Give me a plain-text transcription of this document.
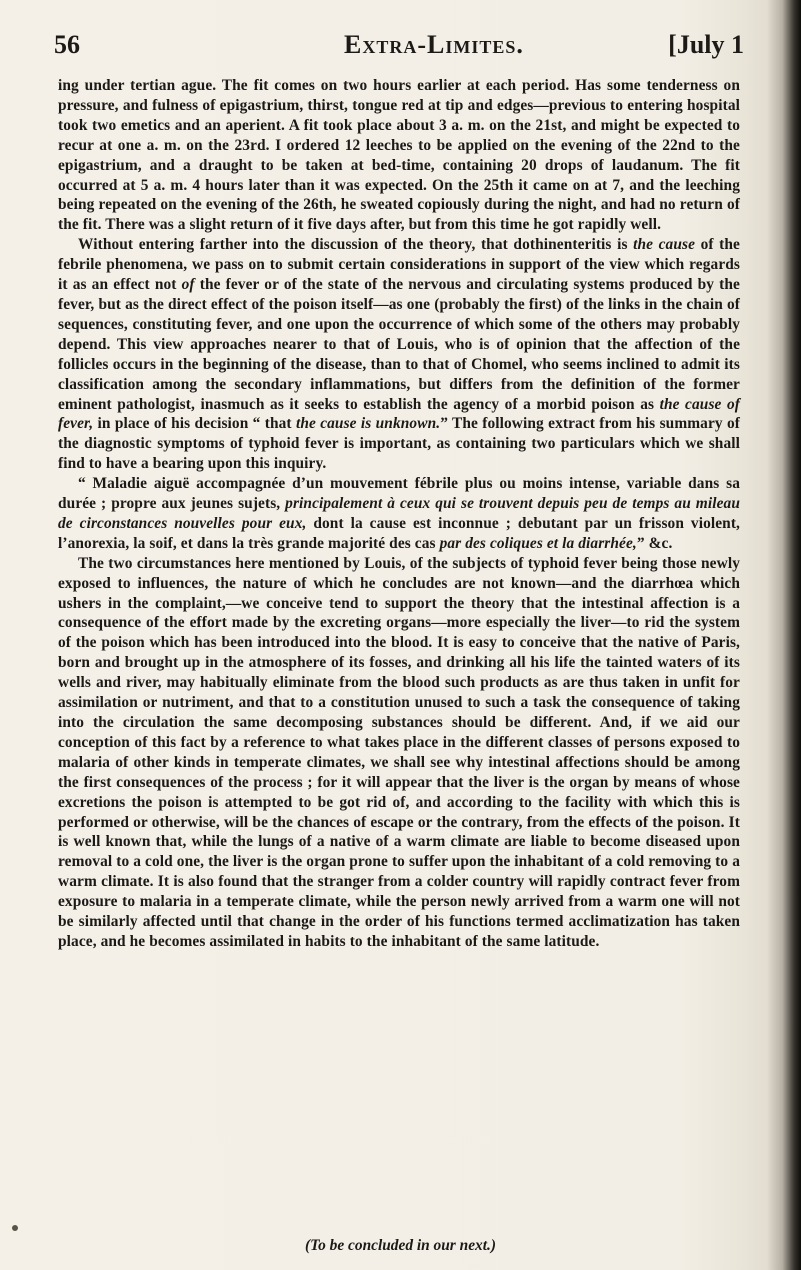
56	Extra-Limites.	[July 1

ing under tertian ague. The fit comes on two hours earlier at each period. Has some tenderness on pressure, and fulness of epigastrium, thirst, tongue red at tip and edges—previous to entering hospital took two emetics and an aperient. A fit took place about 3 a. m. on the 21st, and might be expected to recur at one a. m. on the 23rd. I ordered 12 leeches to be applied on the evening of the 22nd to the epigastrium, and a draught to be taken at bed-time, containing 20 drops of laudanum. The fit occurred at 5 a. m. 4 hours later than it was expected. On the 25th it came on at 7, and the leeching being repeated on the evening of the 26th, he sweated copiously during the night, and had no return of the fit. There was a slight return of it five days after, but from this time he got rapidly well.

Without entering farther into the discussion of the theory, that dothinenteritis is the cause of the febrile phenomena, we pass on to submit certain considerations in support of the view which regards it as an effect not of the fever or of the state of the nervous and circulating systems produced by the fever, but as the direct effect of the poison itself—as one (probably the first) of the links in the chain of sequences, constituting fever, and one upon the occurrence of which some of the others may probably depend. This view approaches nearer to that of Louis, who is of opinion that the affection of the follicles occurs in the beginning of the disease, than to that of Chomel, who seems inclined to admit its classification among the secondary inflammations, but differs from the definition of the former eminent pathologist, inasmuch as it seeks to establish the agency of a morbid poison as the cause of fever, in place of his decision “ that the cause is unknown.” The following extract from his summary of the diagnostic symptoms of typhoid fever is important, as containing two particulars which we shall find to have a bearing upon this inquiry.

“ Maladie aiguë accompagnée d’un mouvement fébrile plus ou moins intense, variable dans sa durée ; propre aux jeunes sujets, principalement à ceux qui se trouvent depuis peu de temps au mileau de circonstances nouvelles pour eux, dont la cause est inconnue ; debutant par un frisson violent, l’anorexia, la soif, et dans la très grande majorité des cas par des coliques et la diarrhée,” &c.

The two circumstances here mentioned by Louis, of the subjects of typhoid fever being those newly exposed to influences, the nature of which he concludes are not known—and the diarrhœa which ushers in the complaint,—we conceive tend to support the theory that the intestinal affection is a consequence of the effort made by the excreting organs—more especially the liver—to rid the system of the poison which has been introduced into the blood. It is easy to conceive that the native of Paris, born and brought up in the atmosphere of its fosses, and drinking all his life the tainted waters of its wells and river, may habitually eliminate from the blood such products as are thus taken in unfit for assimilation or nutriment, and that to a constitution unused to such a task the consequence of taking into the circulation the same decomposing substances should be different. And, if we aid our conception of this fact by a reference to what takes place in the different classes of persons exposed to malaria of other kinds in temperate climates, we shall see why intestinal affections should be among the first consequences of the process ; for it will appear that the liver is the organ by means of whose excretions the poison is attempted to be got rid of, and according to the facility with which this is performed or otherwise, will be the chances of escape or the contrary, from the effects of the poison. It is well known that, while the lungs of a native of a warm climate are liable to become diseased upon removal to a cold one, the liver is the organ prone to suffer upon the inhabitant of a cold removing to a warm climate. It is also found that the stranger from a colder country will rapidly contract fever from exposure to malaria in a temperate climate, while the person newly arrived from a warm one will not be similarly affected until that change in the order of his functions termed acclimatization has taken place, and he becomes assimilated in habits to the inhabitant of the same latitude.

(To be concluded in our next.)
